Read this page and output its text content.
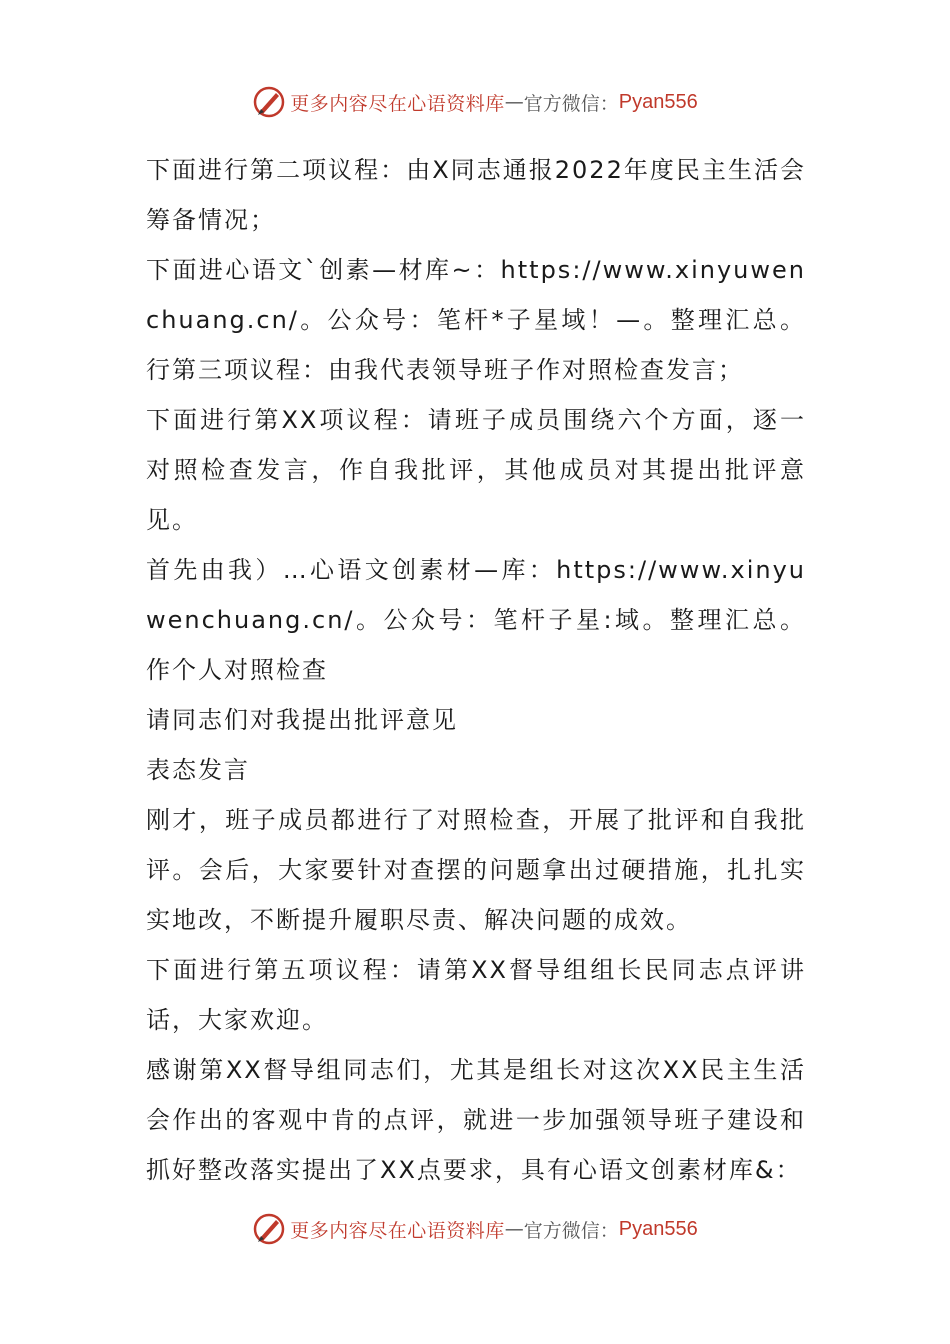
更多内容尽在心语资料库 — 官方微信： Pyan556

下面进行第二项议程：由X同志通报2022年度民主生活会筹备情况；

下面进心语文`创素—材库~：https://www.xinyuwenchuang.cn/。公众号：笔杆*子星域！—。整理汇总。行第三项议程：由我代表领导班子作对照检查发言；

下面进行第XX项议程：请班子成员围绕六个方面，逐一对照检查发言，作自我批评，其他成员对其提出批评意见。

首先由我）…心语文创素材—库：https://www.xinyuwenchuang.cn/。公众号：笔杆子星:域。整理汇总。作个人对照检查

请同志们对我提出批评意见

表态发言

刚才，班子成员都进行了对照检查，开展了批评和自我批评。会后，大家要针对查摆的问题拿出过硬措施，扎扎实实地改，不断提升履职尽责、解决问题的成效。

下面进行第五项议程：请第XX督导组组长民同志点评讲话，大家欢迎。

感谢第XX督导组同志们，尤其是组长对这次XX民主生活会作出的客观中肯的点评，就进一步加强领导班子建设和抓好整改落实提出了XX点要求，具有心语文创素材库&：

更多内容尽在心语资料库 — 官方微信： Pyan556
